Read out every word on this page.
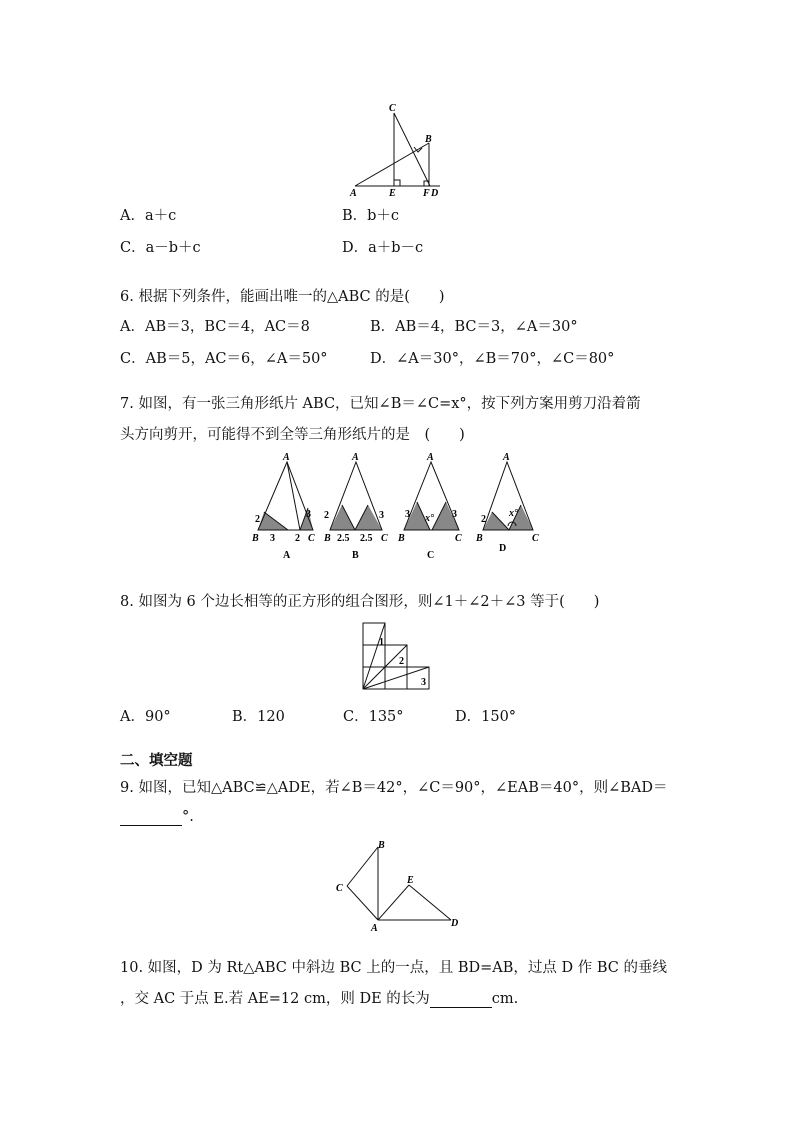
C
B
A	E	F D
A．a＋c	B．b＋c
C．a－b＋c	D．a＋b－c
6. 根据下列条件，能画出唯一的△ABC 的是(　　)
A．AB＝3，BC＝4，AC＝8	B．AB＝4，BC＝3，∠A＝30°
C．AB＝5，AC＝6，∠A＝50°	D．∠A＝30°，∠B＝70°，∠C＝80°
7. 如图，有一张三角形纸片 ABC，已知∠B＝∠C=x°，按下列方案用剪刀沿着箭
头方向剪开，可能得不到全等三角形纸片的是　(　　)
A
B	C
2
3 2
3
A
B	C
2
2.5 2.5
3
A
B	C
3 x° 3
B
A
C
2
x°
A	B	C
D
8. 如图为 6 个边长相等的正方形的组合图形，则∠1＋∠2＋∠3 等于(　　)
1
2
3
A．90°	B．120	C．135°	D．150°
二、填空题
9. 如图，已知△ABC≌△ADE，若∠B＝42°，∠C＝90°，∠EAB＝40°，则∠BAD＝
°.
B
C
E
A	D
10. 如图，D 为 Rt△ABC 中斜边 BC 上的一点，且 BD=AB，过点 D 作 BC 的垂线
，交 AC 于点 E.若 AE=12 cm，则 DE 的长为	cm.
